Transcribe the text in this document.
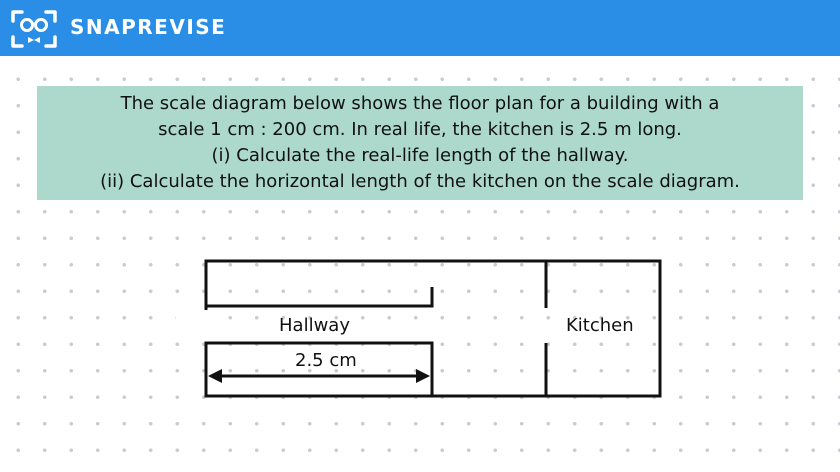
SNAPREVISE
The scale diagram below shows the floor plan for a building with a
scale 1 cm : 200 cm. In real life, the kitchen is 2.5 m long.
(i) Calculate the real-life length of the hallway.
(ii) Calculate the horizontal length of the kitchen on the scale diagram.
Hallway	Kitchen
2.5 cm
